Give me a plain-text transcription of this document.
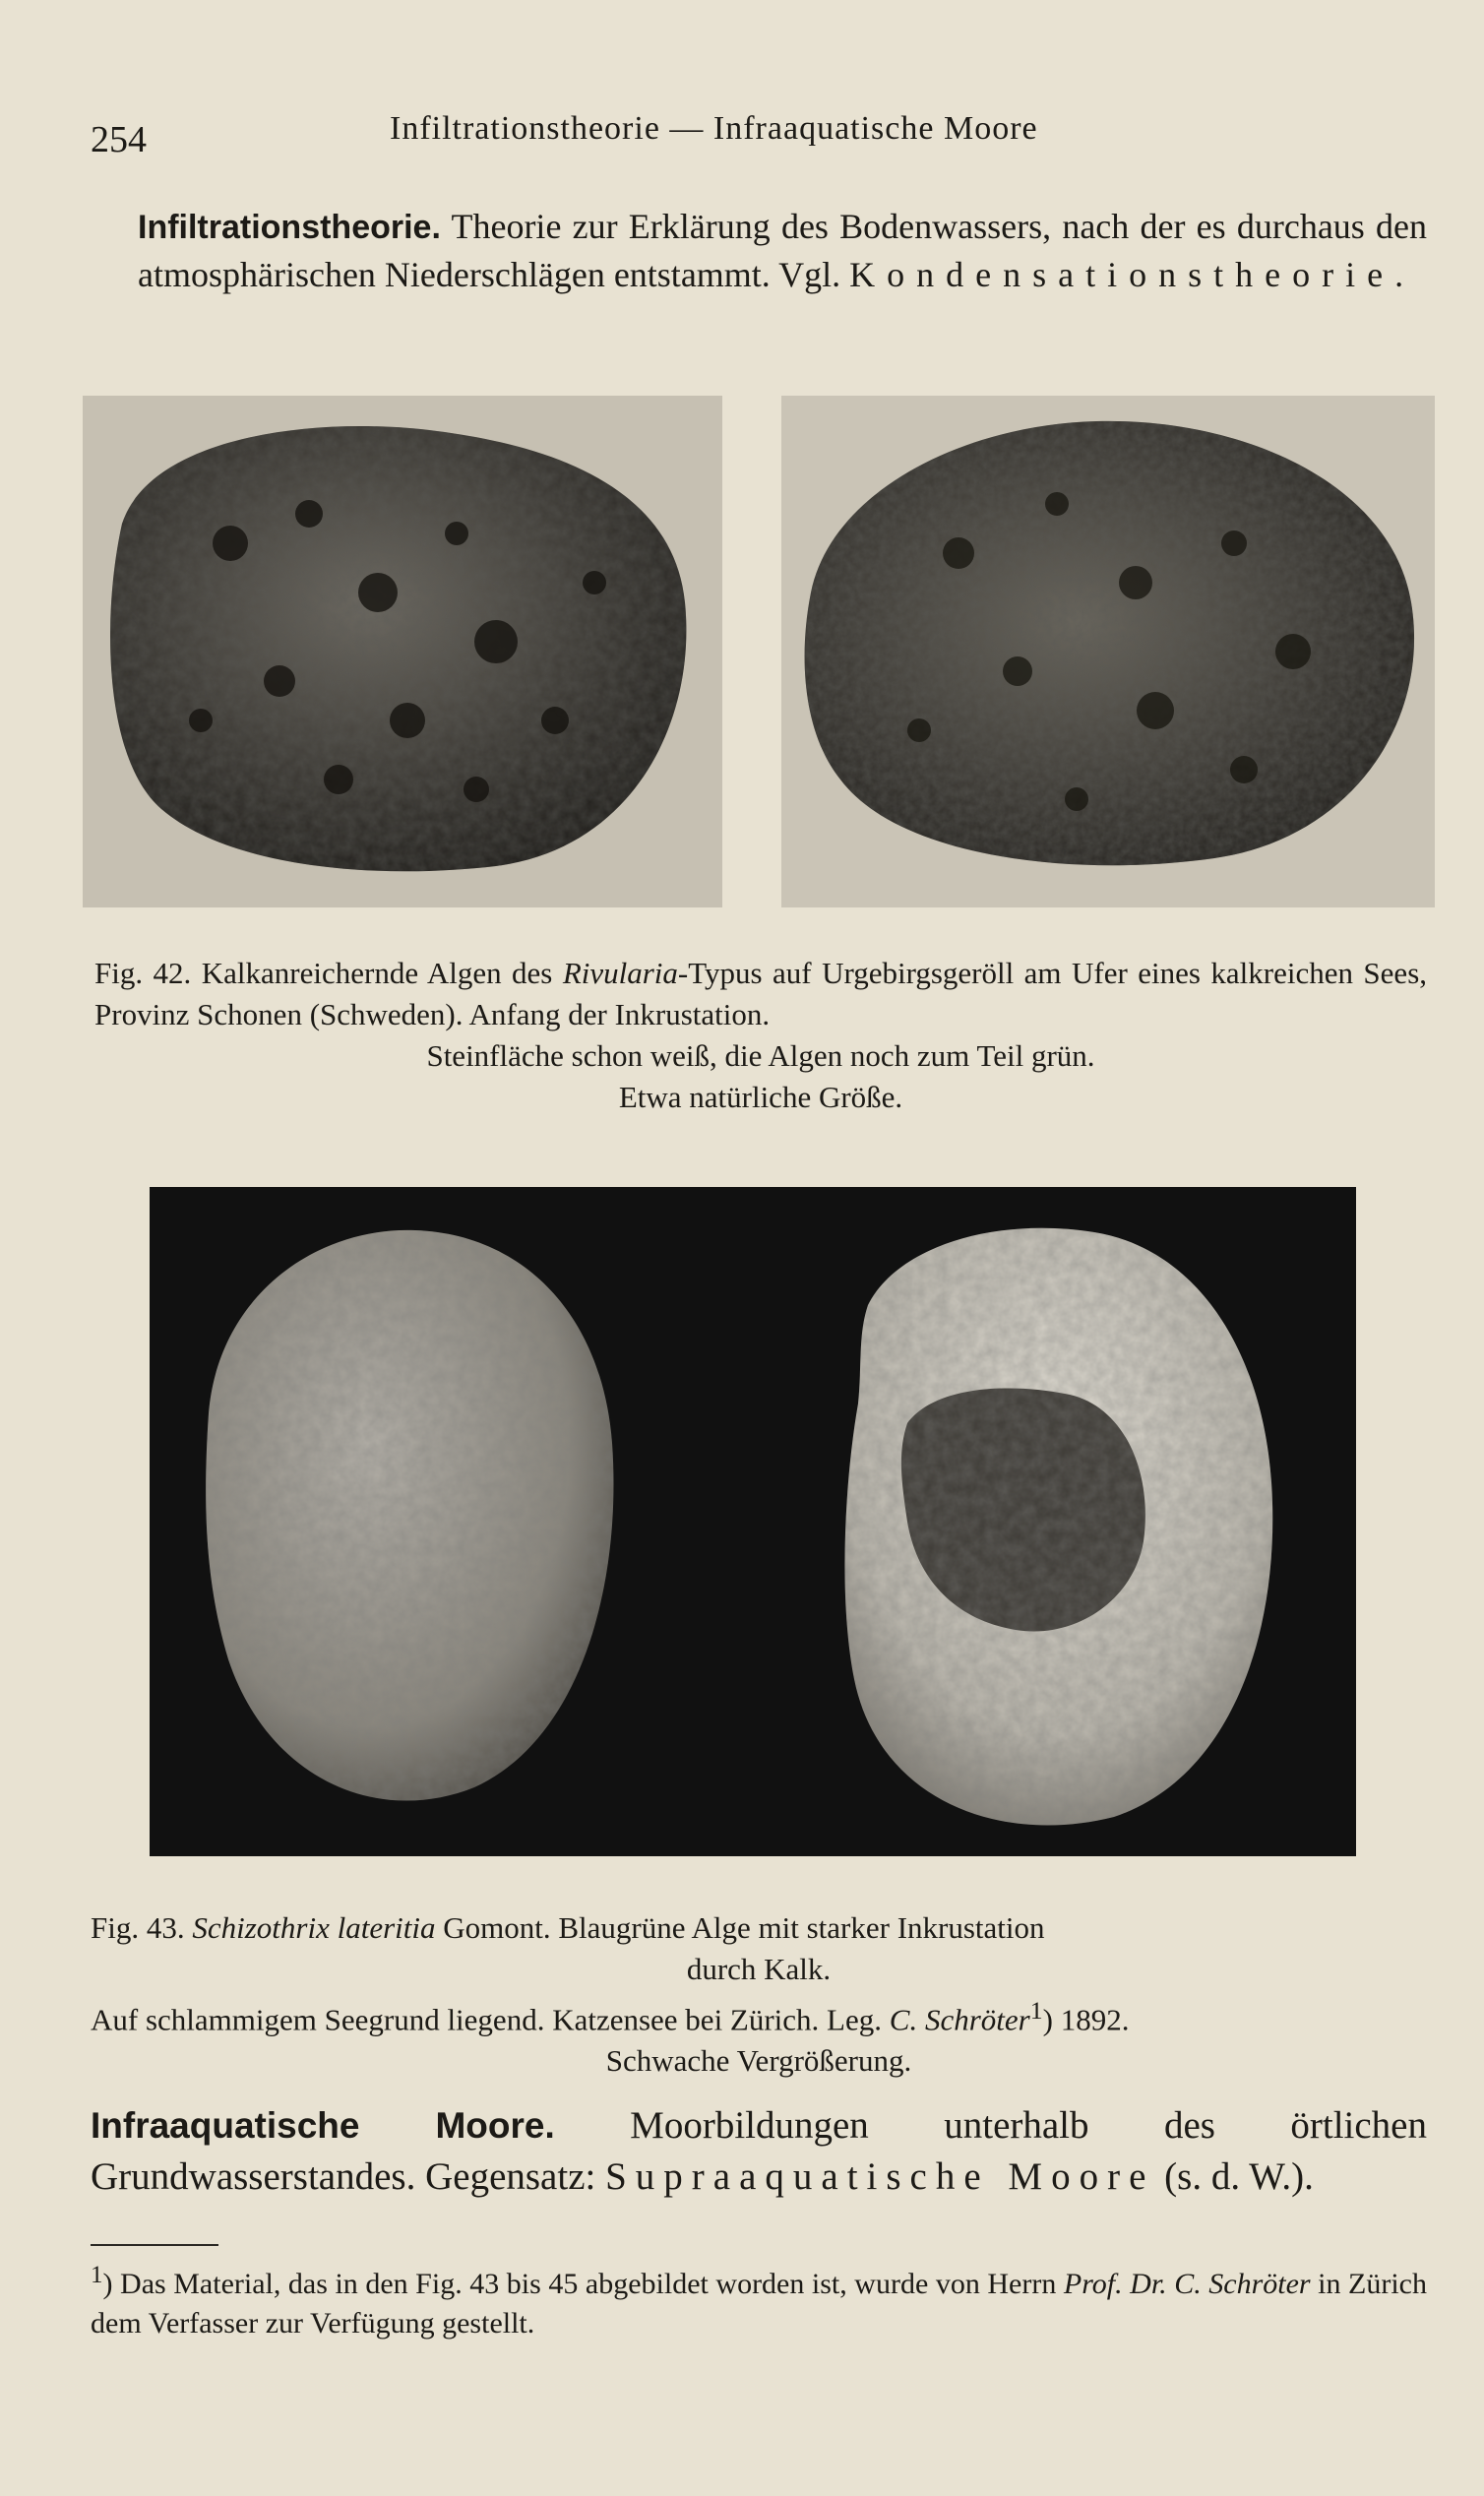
254	Infiltrationstheorie — Infraaquatische Moore
Infiltrationstheorie. Theorie zur Erklärung des Bodenwassers, nach der es durchaus den atmosphärischen Niederschlägen entstammt. Vgl. Kondensationstheorie.
Fig. 42. Kalkanreichernde Algen des Rivularia-Typus auf Urgebirgsgeröll am Ufer eines kalkreichen Sees, Provinz Schonen (Schweden). Anfang der Inkrustation.
Steinfläche schon weiß, die Algen noch zum Teil grün.
Etwa natürliche Größe.
Fig. 43. Schizothrix lateritia Gomont. Blaugrüne Alge mit starker Inkrustation
durch Kalk.
Auf schlammigem Seegrund liegend. Katzensee bei Zürich. Leg. C. Schröter$^1$) 1892.
Schwache Vergrößerung.
Infraaquatische Moore. Moorbildungen unterhalb des örtlichen Grundwasserstandes. Gegensatz: Supraaquatische Moore (s. d. W.).
$^1$) Das Material, das in den Fig. 43 bis 45 abgebildet worden ist, wurde von Herrn Prof. Dr. C. Schröter in Zürich dem Verfasser zur Verfügung gestellt.
